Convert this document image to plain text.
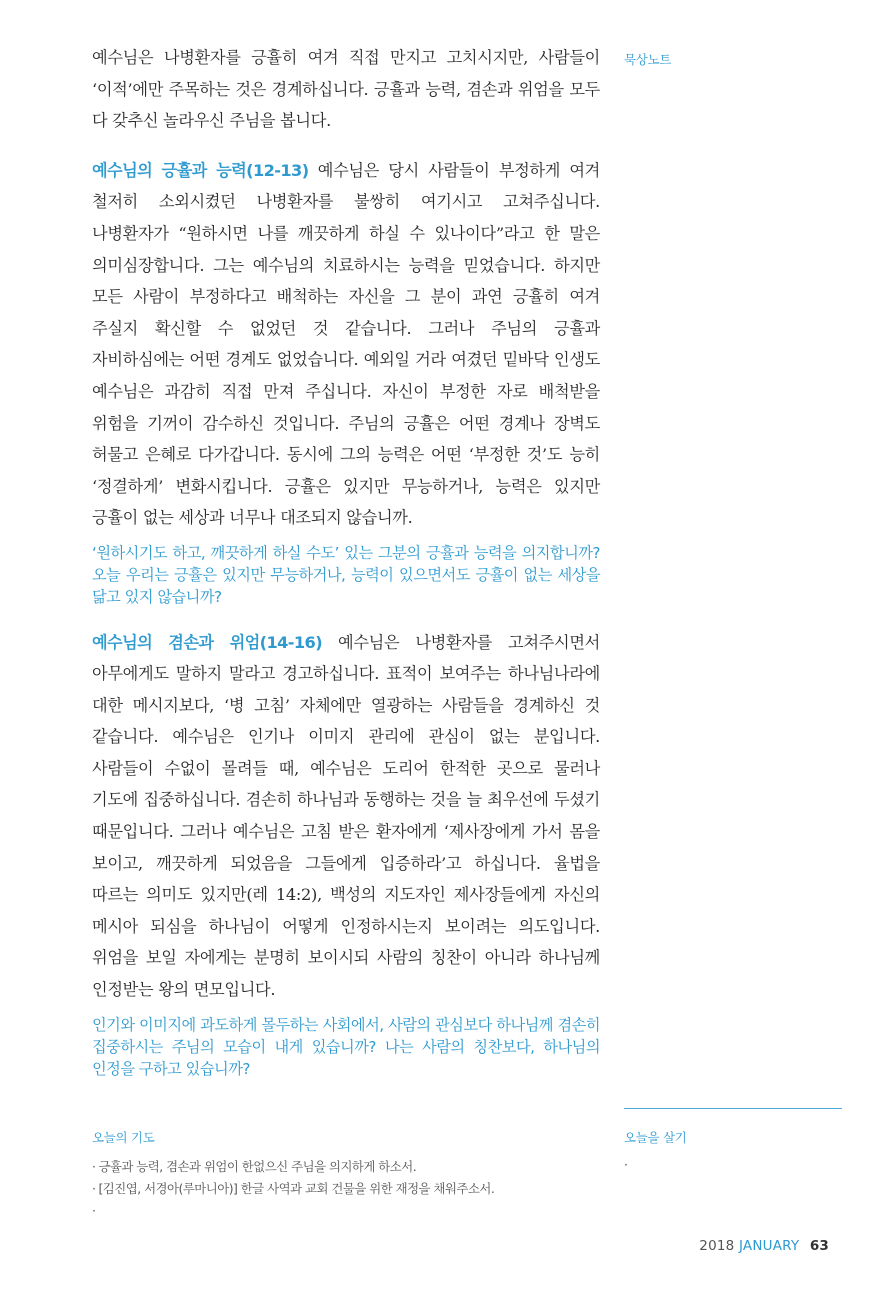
예수님은 나병환자를 긍휼히 여겨 직접 만지고 고치시지만, 사람들이 ‘이적’에만 주목하는 것은 경계하십니다. 긍휼과 능력, 겸손과 위엄을 모두 다 갖추신 놀라우신 주님을 봅니다.

예수님의 긍휼과 능력(12-13) 예수님은 당시 사람들이 부정하게 여겨 철저히 소외시켰던 나병환자를 불쌍히 여기시고 고쳐주십니다. 나병환자가 “원하시면 나를 깨끗하게 하실 수 있나이다”라고 한 말은 의미심장합니다. 그는 예수님의 치료하시는 능력을 믿었습니다. 하지만 모든 사람이 부정하다고 배척하는 자신을 그 분이 과연 긍휼히 여겨 주실지 확신할 수 없었던 것 같습니다. 그러나 주님의 긍휼과 자비하심에는 어떤 경계도 없었습니다. 예외일 거라 여겼던 밑바닥 인생도 예수님은 과감히 직접 만져 주십니다. 자신이 부정한 자로 배척받을 위험을 기꺼이 감수하신 것입니다. 주님의 긍휼은 어떤 경계나 장벽도 허물고 은혜로 다가갑니다. 동시에 그의 능력은 어떤 ‘부정한 것’도 능히 ‘정결하게’ 변화시킵니다. 긍휼은 있지만 무능하거나, 능력은 있지만 긍휼이 없는 세상과 너무나 대조되지 않습니까.

‘원하시기도 하고, 깨끗하게 하실 수도’ 있는 그분의 긍휼과 능력을 의지합니까? 오늘 우리는 긍휼은 있지만 무능하거나, 능력이 있으면서도 긍휼이 없는 세상을 닮고 있지 않습니까?

예수님의 겸손과 위엄(14-16) 예수님은 나병환자를 고쳐주시면서 아무에게도 말하지 말라고 경고하십니다. 표적이 보여주는 하나님나라에 대한 메시지보다, ‘병 고침’ 자체에만 열광하는 사람들을 경계하신 것 같습니다. 예수님은 인기나 이미지 관리에 관심이 없는 분입니다. 사람들이 수없이 몰려들 때, 예수님은 도리어 한적한 곳으로 물러나 기도에 집중하십니다. 겸손히 하나님과 동행하는 것을 늘 최우선에 두셨기 때문입니다. 그러나 예수님은 고침 받은 환자에게 ‘제사장에게 가서 몸을 보이고, 깨끗하게 되었음을 그들에게 입증하라’고 하십니다. 율법을 따르는 의미도 있지만(레 14:2), 백성의 지도자인 제사장들에게 자신의 메시아 되심을 하나님이 어떻게 인정하시는지 보이려는 의도입니다. 위엄을 보일 자에게는 분명히 보이시되 사람의 칭찬이 아니라 하나님께 인정받는 왕의 면모입니다.

인기와 이미지에 과도하게 몰두하는 사회에서, 사람의 관심보다 하나님께 겸손히 집중하시는 주님의 모습이 내게 있습니까? 나는 사람의 칭찬보다, 하나님의 인정을 구하고 있습니까?

묵상노트
오늘의 기도
· 긍휼과 능력, 겸손과 위엄이 한없으신 주님을 의지하게 하소서.
· [김진엽, 서경아(루마니아)] 한글 사역과 교회 건물을 위한 재정을 채워주소서.
·
오늘을 살기
·
2018 JANUARY 63
